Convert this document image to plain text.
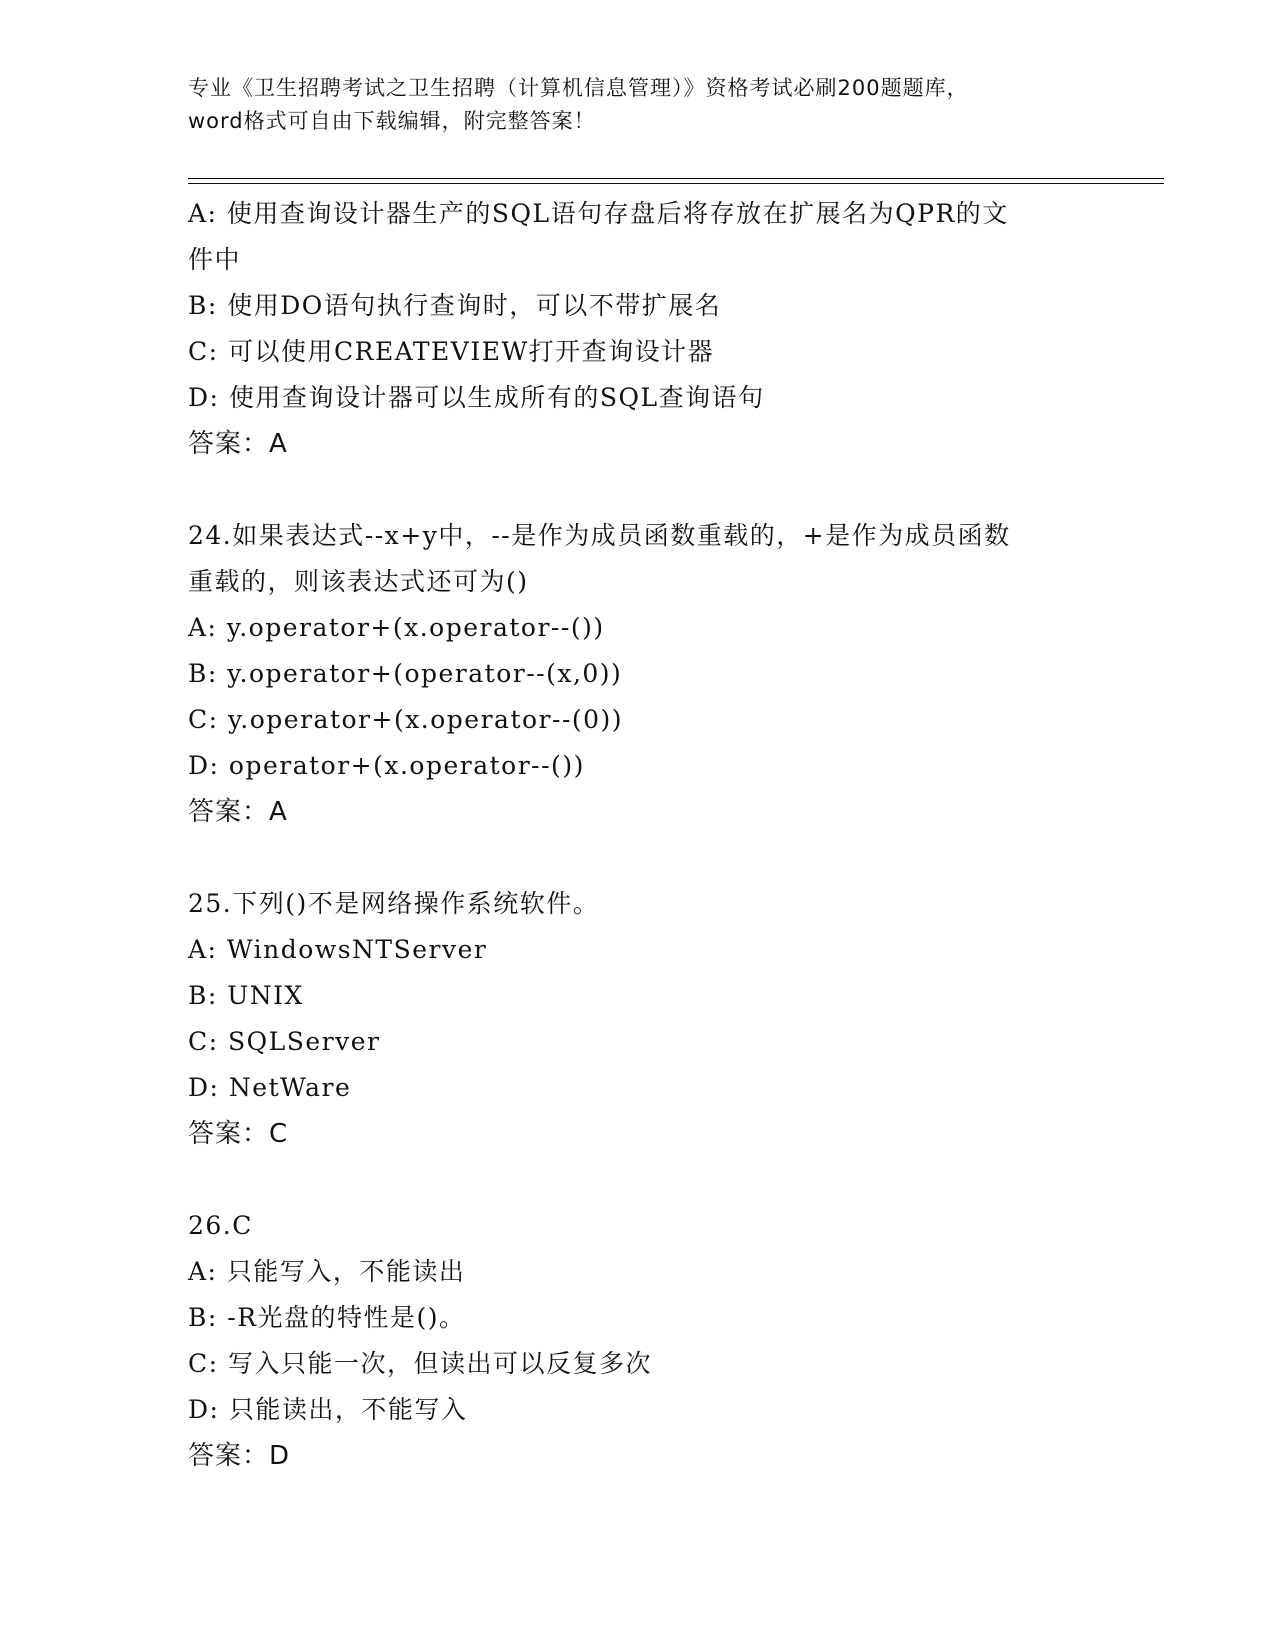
专业《卫生招聘考试之卫生招聘（计算机信息管理）》资格考试必刷200题题库，
word格式可自由下载编辑，附完整答案！
A: 使用查询设计器生产的SQL语句存盘后将存放在扩展名为QPR的文
件中
B: 使用DO语句执行查询时，可以不带扩展名
C: 可以使用CREATEVIEW打开查询设计器
D: 使用查询设计器可以生成所有的SQL查询语句
答案：A
24.如果表达式--x+y中，--是作为成员函数重载的，+是作为成员函数
重载的，则该表达式还可为()
A: y.operator+(x.operator--())
B: y.operator+(operator--(x,0))
C: y.operator+(x.operator--(0))
D: operator+(x.operator--())
答案：A
25.下列()不是网络操作系统软件。
A: WindowsNTServer
B: UNIX
C: SQLServer
D: NetWare
答案：C
26.C
A: 只能写入，不能读出
B: -R光盘的特性是()。
C: 写入只能一次，但读出可以反复多次
D: 只能读出，不能写入
答案：D
